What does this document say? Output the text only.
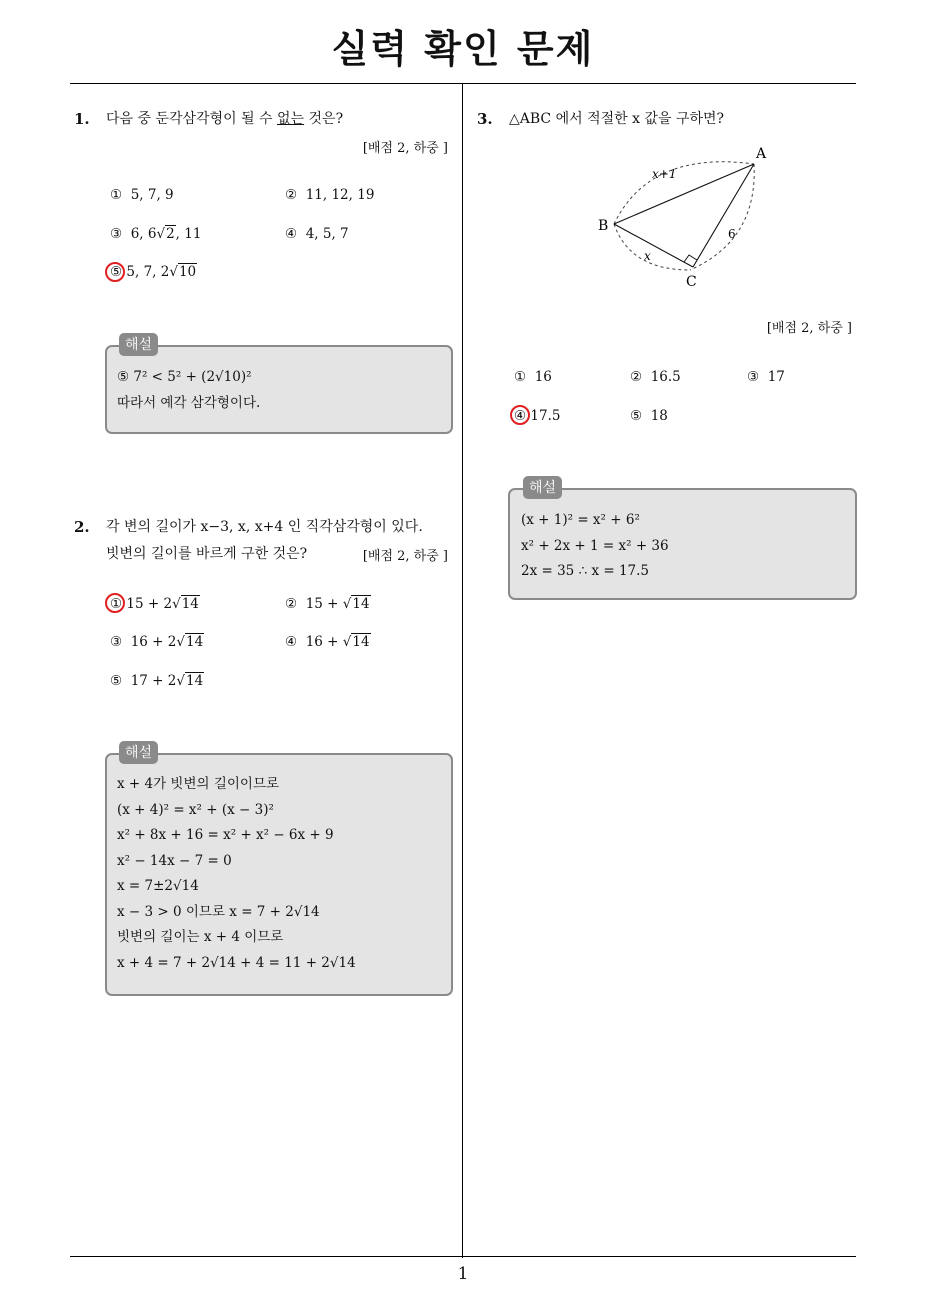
실력 확인 문제
1. 다음 중 둔각삼각형이 될 수 없는 것은?
[배점 2, 하중 ]
① 5, 7, 9	② 11, 12, 19
③ 6, 6√2, 11	④ 4, 5, 7
⑤ 5, 7, 2√10
해설
⑤ 7² < 5² + (2√10)²
따라서 예각 삼각형이다.
2. 각 변의 길이가 x−3, x, x+4 인 직각삼각형이 있다.
빗변의 길이를 바르게 구한 것은?	[배점 2, 하중 ]
① 15 + 2√14	② 15 + √14
③ 16 + 2√14	④ 16 + √14
⑤ 17 + 2√14
해설
x + 4가 빗변의 길이이므로
(x + 4)² = x² + (x − 3)²
x² + 8x + 16 = x² + x² − 6x + 9
x² − 14x − 7 = 0
x = 7±2√14
x − 3 > 0 이므로 x = 7 + 2√14
빗변의 길이는 x + 4 이므로
x + 4 = 7 + 2√14 + 4 = 11 + 2√14
3. △ABC 에서 적절한 x 값을 구하면?
A
B
C
x+1
6
x
[배점 2, 하중 ]
① 16	② 16.5	③ 17
④ 17.5	⑤ 18
해설
(x + 1)² = x² + 6²
x² + 2x + 1 = x² + 36
2x = 35 ∴ x = 17.5
1
